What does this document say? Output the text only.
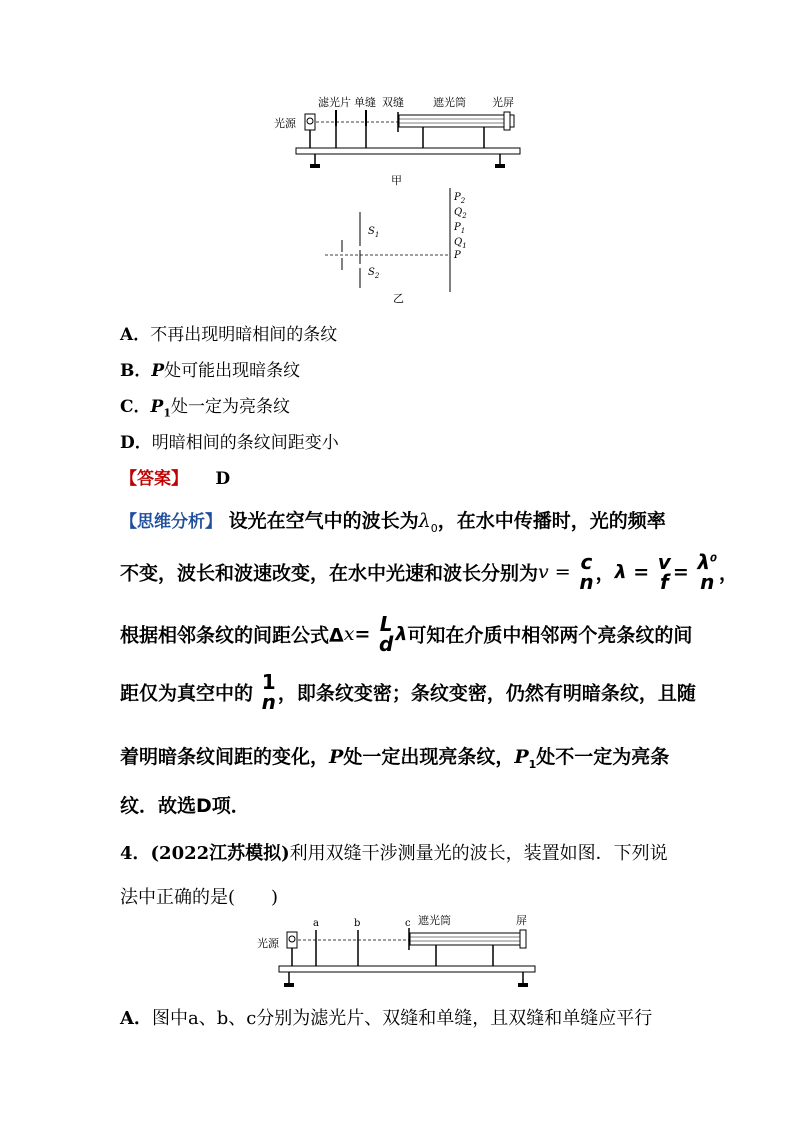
滤光片 单缝 双缝	遮光筒 光屏
光源
甲
$S_1$
$S_2$
$P_2$
$Q_2$
$P_1$
$Q_1$
P
乙
A．不再出现明暗相间的条纹
B．P处可能出现暗条纹
C．$P_1$处一定为亮条纹
D．明暗相间的条纹间距变小
【答案】 D
【思维分析】 设光在空气中的波长为$\lambda_0$，在水中传播时，光的频率
不变，波长和波速改变，在水中光速和波长分别为v = c
n ，λ = v
$f = \lambda^0$
n ，
根据相邻条纹的间距公式Δx= L
d λ可知在介质中相邻两个亮条纹的间
距仅为真空中的 1
n ，即条纹变密；条纹变密，仍然有明暗条纹，且随
着明暗条纹间距的变化，P处一定出现亮条纹，$P_1$处不一定为亮条
纹．故选D项．
4．(2022江苏模拟)利用双缝干涉测量光的波长，装置如图．下列说
法中正确的是(　　)
a	b	c 遮光筒	屏
光源
A．图中a、b、c分别为滤光片、双缝和单缝，且双缝和单缝应平行
